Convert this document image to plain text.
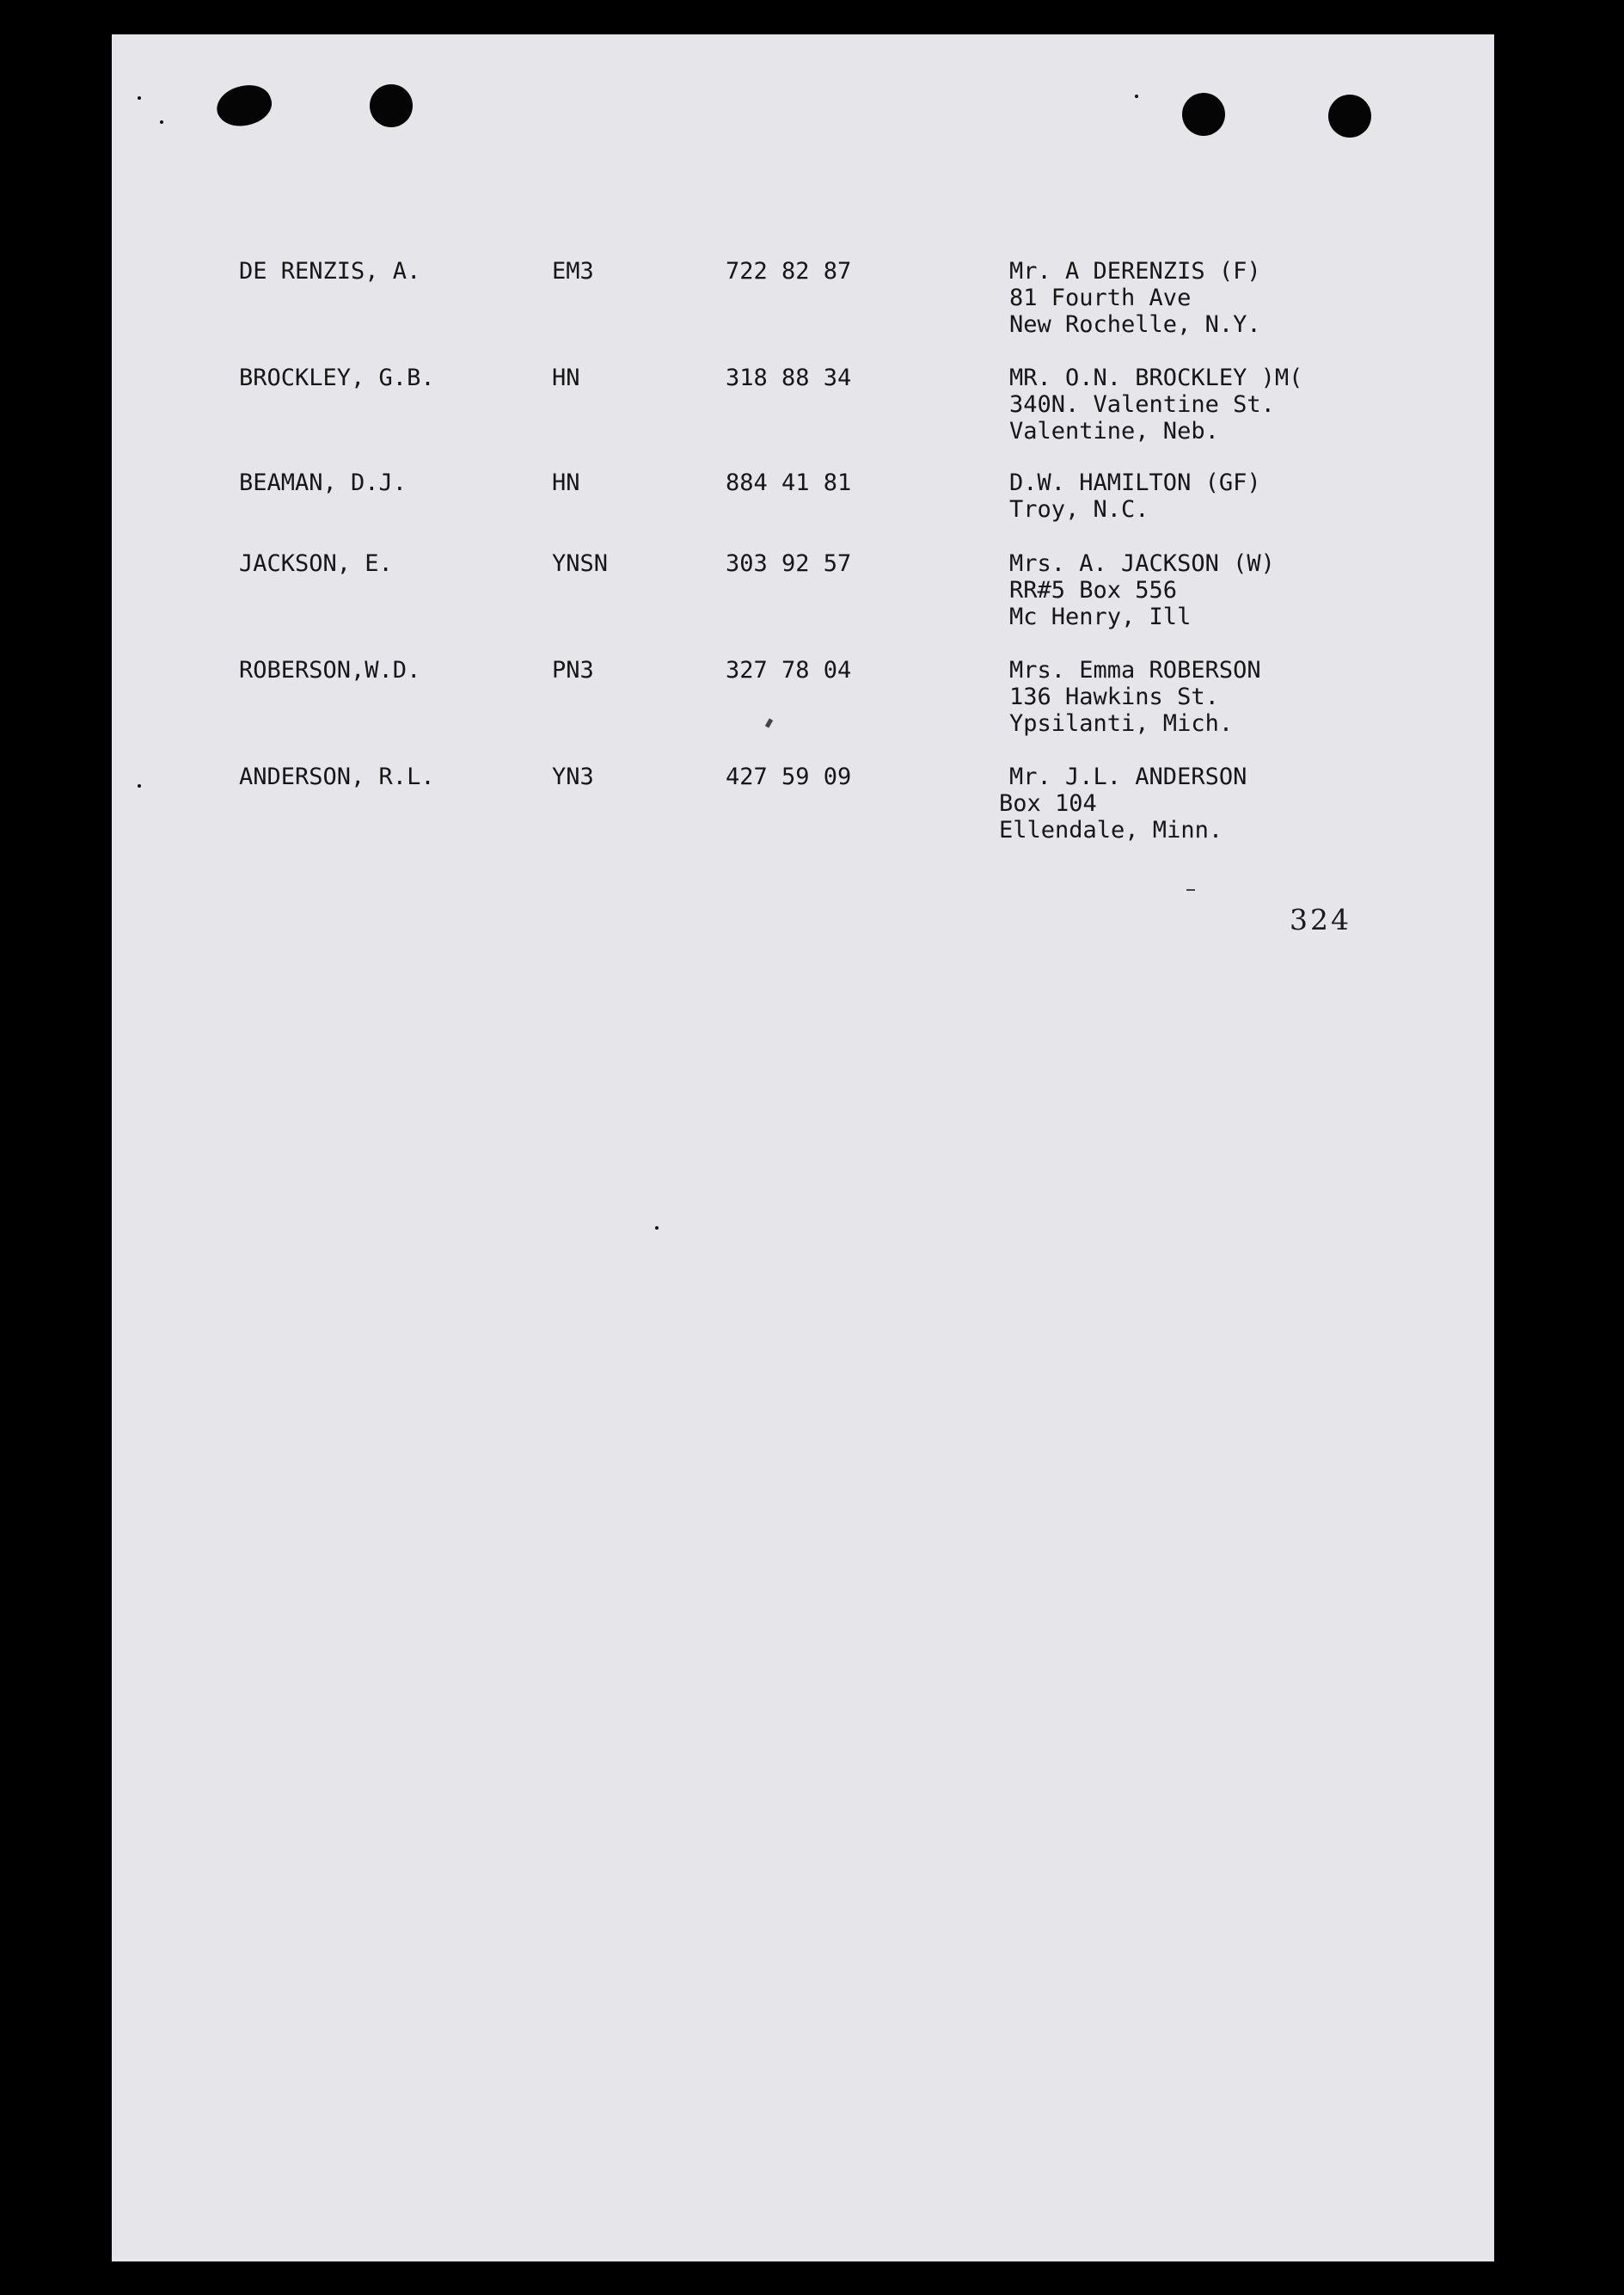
DE RENZIS, A.	EM3	722 82 87	Mr. A DERENZIS (F)
81 Fourth Ave
New Rochelle, N.Y.
BROCKLEY, G.B.	HN	318 88 34	MR. O.N. BROCKLEY )M(
340N. Valentine St.
Valentine, Neb.
BEAMAN, D.J.	HN	884 41 81	D.W. HAMILTON (GF)
Troy, N.C.
JACKSON, E.	YNSN	303 92 57	Mrs. A. JACKSON (W)
RR#5 Box 556
Mc Henry, Ill
ROBERSON,W.D.	PN3	327 78 04	Mrs. Emma ROBERSON
136 Hawkins St.
Ypsilanti, Mich.
ANDERSON, R.L.	YN3	427 59 09	Mr. J.L. ANDERSON
Box 104
Ellendale, Minn.
324
